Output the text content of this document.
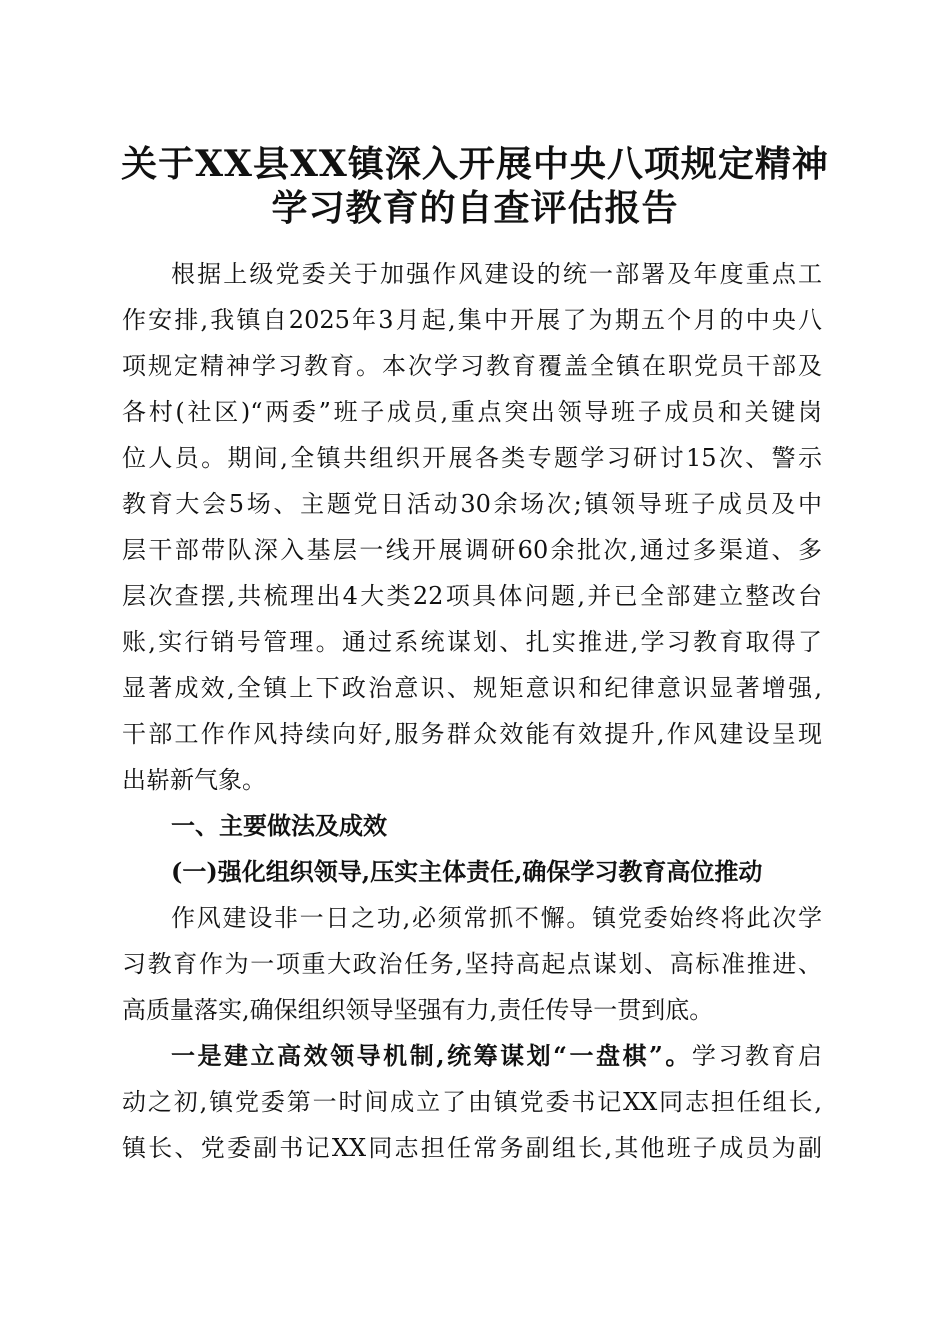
关于XX县XX镇深入开展中央八项规定精神
学习教育的自查评估报告
根据上级党委关于加强作风建设的统一部署及年度重点工
作安排,我镇自2025年3月起,集中开展了为期五个月的中央八
项规定精神学习教育。本次学习教育覆盖全镇在职党员干部及
各村(社区)“两委”班子成员,重点突出领导班子成员和关键岗
位人员。期间,全镇共组织开展各类专题学习研讨15次、警示
教育大会5场、主题党日活动30余场次;镇领导班子成员及中
层干部带队深入基层一线开展调研60余批次,通过多渠道、多
层次查摆,共梳理出4大类22项具体问题,并已全部建立整改台
账,实行销号管理。通过系统谋划、扎实推进,学习教育取得了
显著成效,全镇上下政治意识、规矩意识和纪律意识显著增强,
干部工作作风持续向好,服务群众效能有效提升,作风建设呈现
出崭新气象。
一、主要做法及成效
(一)强化组织领导,压实主体责任,确保学习教育高位推动
作风建设非一日之功,必须常抓不懈。镇党委始终将此次学
习教育作为一项重大政治任务,坚持高起点谋划、高标准推进、
高质量落实,确保组织领导坚强有力,责任传导一贯到底。
一是建立高效领导机制,统筹谋划“一盘棋”。学习教育启
动之初,镇党委第一时间成立了由镇党委书记XX同志担任组长,
镇长、党委副书记XX同志担任常务副组长,其他班子成员为副
